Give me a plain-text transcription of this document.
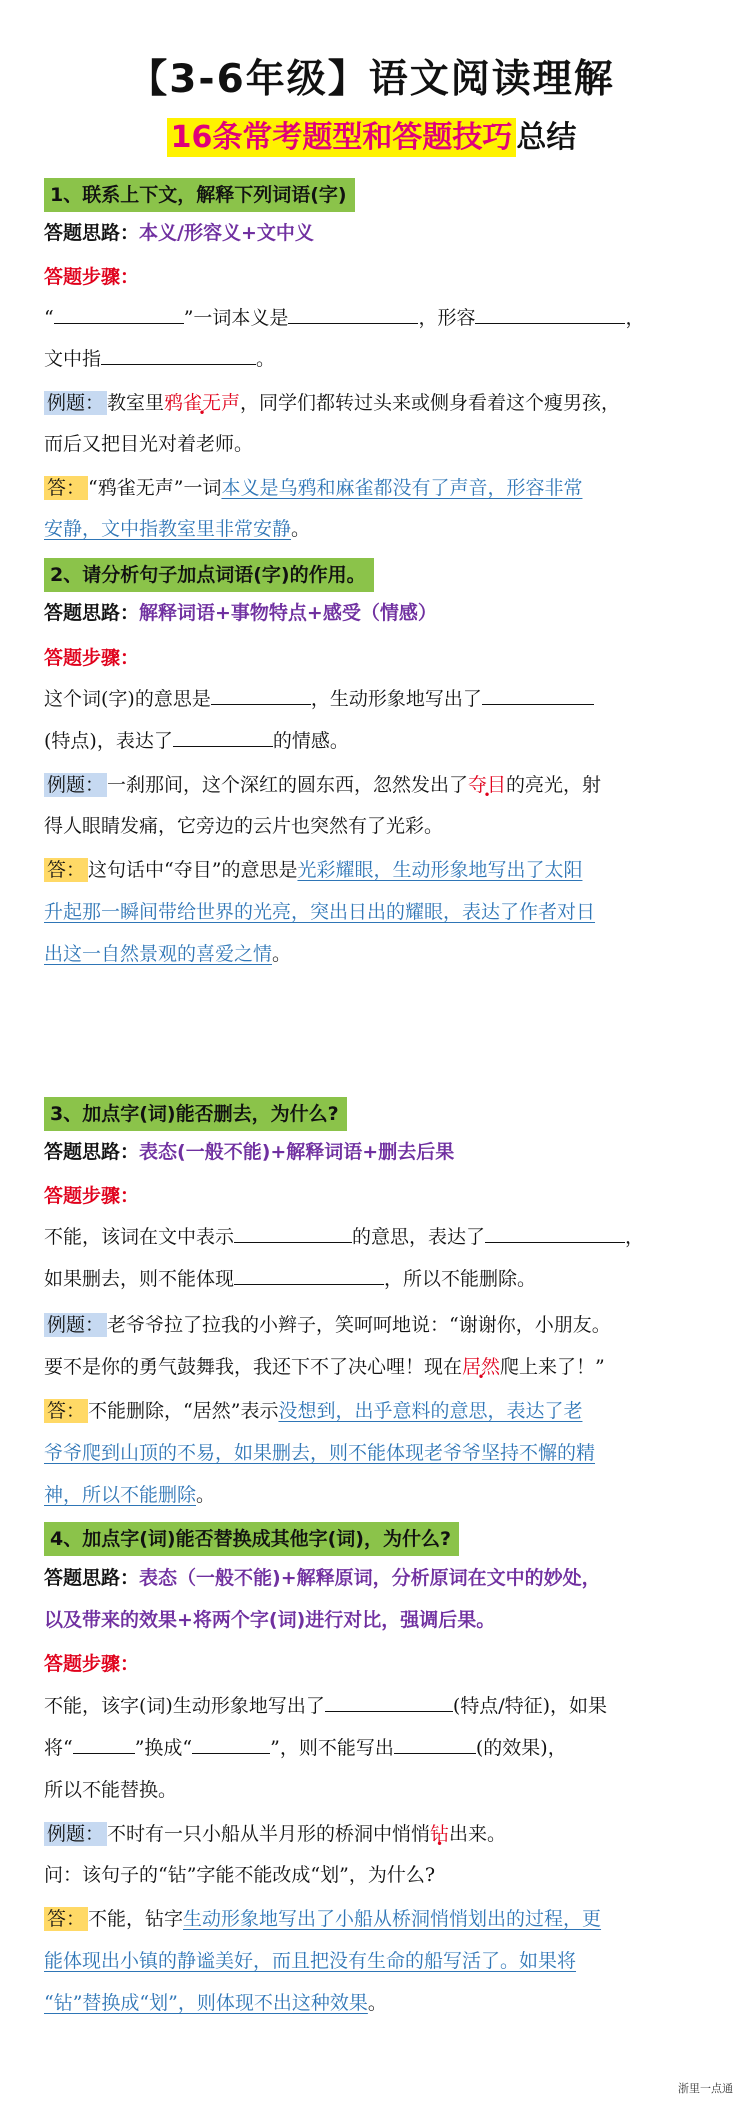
【3-6年级】语文阅读理解
16条常考题型和答题技巧 总结
1、联系上下文，解释下列词语(字)
答题思路：本义/形容义+文中义
答题步骤：
“	”一词本义是	，形容	，
文中指	。
例题： 教室里鸦雀无声，同学们都转过头来或侧身看着这个瘦男孩，
而后又把目光对着老师。
答： “鸦雀无声”一词本义是乌鸦和麻雀都没有了声音，形容非常
安静，文中指教室里非常安静。
2、请分析句子加点词语(字)的作用。
答题思路：解释词语+事物特点+感受（情感）
答题步骤：
这个词(字)的意思是	，生动形象地写出了
(特点)，表达了	的情感。
例题： 一刹那间，这个深红的圆东西，忽然发出了夺目的亮光，射
得人眼睛发痛，它旁边的云片也突然有了光彩。
答： 这句话中“夺目”的意思是光彩耀眼，生动形象地写出了太阳
升起那一瞬间带给世界的光亮，突出日出的耀眼，表达了作者对日
出这一自然景观的喜爱之情。
3、加点字(词)能否删去，为什么?
答题思路：表态(一般不能)+解释词语+删去后果
答题步骤：
不能，该词在文中表示	的意思，表达了	，
如果删去，则不能体现	，所以不能删除。
例题： 老爷爷拉了拉我的小辫子，笑呵呵地说：“谢谢你，小朋友。
要不是你的勇气鼓舞我，我还下不了决心哩！现在居然爬上来了！”
答： 不能删除，“居然”表示没想到，出乎意料的意思，表达了老
爷爷爬到山顶的不易，如果删去，则不能体现老爷爷坚持不懈的精
神，所以不能删除。
4、加点字(词)能否替换成其他字(词)，为什么?
答题思路：表态（一般不能)+解释原词，分析原词在文中的妙处，
以及带来的效果+将两个字(词)进行对比，强调后果。
答题步骤：
不能，该字(词)生动形象地写出了	(特点/特征)，如果
将“	”换成“	”，则不能写出	(的效果)，
所以不能替换。
例题： 不时有一只小船从半月形的桥洞中悄悄钻出来。
问：该句子的“钻”字能不能改成“划”，为什么?
答： 不能，钻字生动形象地写出了小船从桥洞悄悄划出的过程，更
能体现出小镇的静谧美好，而且把没有生命的船写活了。如果将
“钻”替换成“划”，则体现不出这种效果。
浙里一点通
